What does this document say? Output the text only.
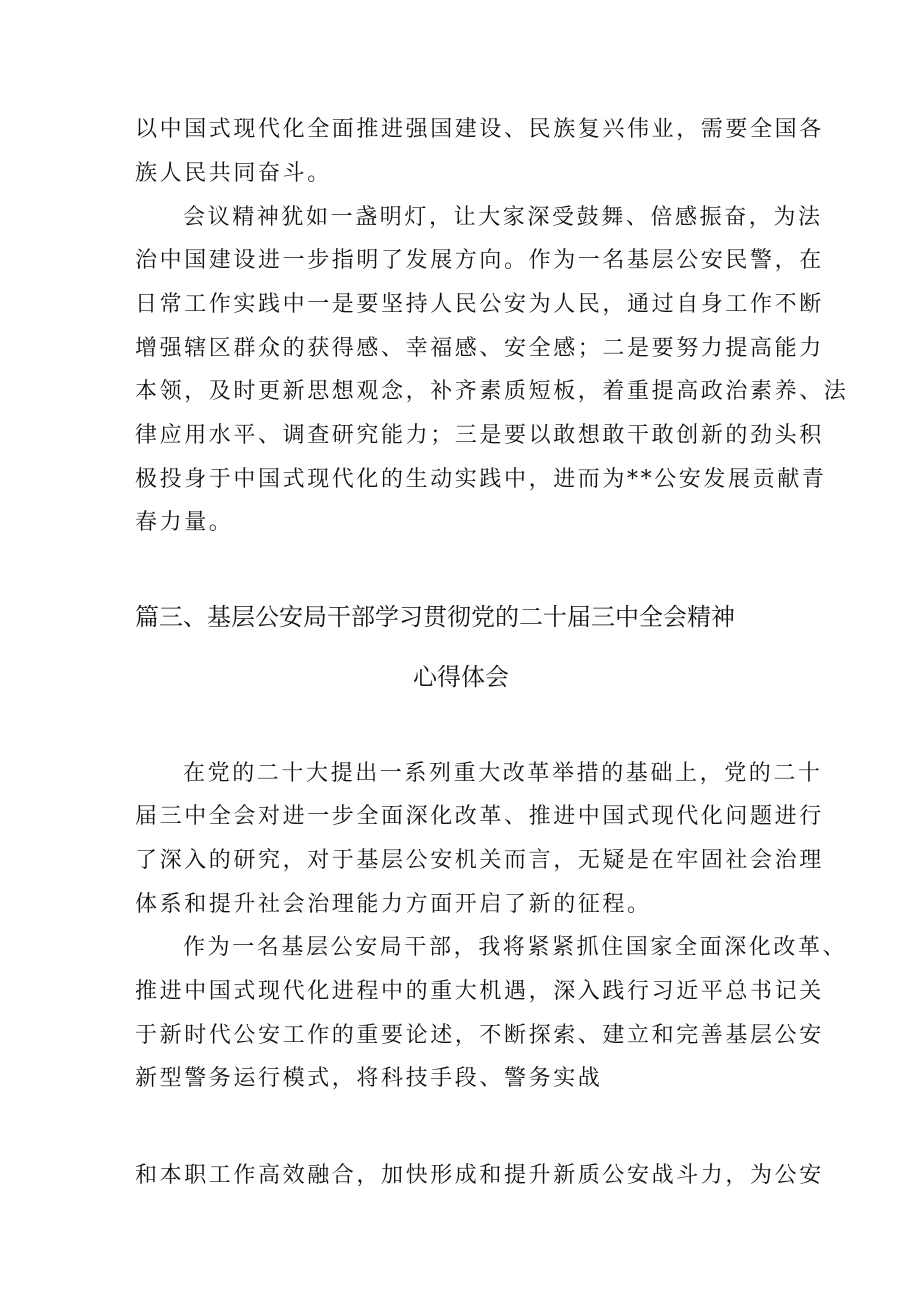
以中国式现代化全面推进强国建设、民族复兴伟业，需要全国各
族人民共同奋斗。
会议精神犹如一盏明灯，让大家深受鼓舞、倍感振奋，为法
治中国建设进一步指明了发展方向。作为一名基层公安民警，在
日常工作实践中一是要坚持人民公安为人民，通过自身工作不断
增强辖区群众的获得感、幸福感、安全感；二是要努力提高能力
本领，及时更新思想观念，补齐素质短板，着重提高政治素养、法
律应用水平、调查研究能力；三是要以敢想敢干敢创新的劲头积
极投身于中国式现代化的生动实践中，进而为**公安发展贡献青
春力量。
篇三、基层公安局干部学习贯彻党的二十届三中全会精神
心得体会
在党的二十大提出一系列重大改革举措的基础上，党的二十
届三中全会对进一步全面深化改革、推进中国式现代化问题进行
了深入的研究，对于基层公安机关而言，无疑是在牢固社会治理
体系和提升社会治理能力方面开启了新的征程。
作为一名基层公安局干部，我将紧紧抓住国家全面深化改革、
推进中国式现代化进程中的重大机遇，深入践行习近平总书记关
于新时代公安工作的重要论述，不断探索、建立和完善基层公安
新型警务运行模式，将科技手段、警务实战
和本职工作高效融合，加快形成和提升新质公安战斗力，为公安
